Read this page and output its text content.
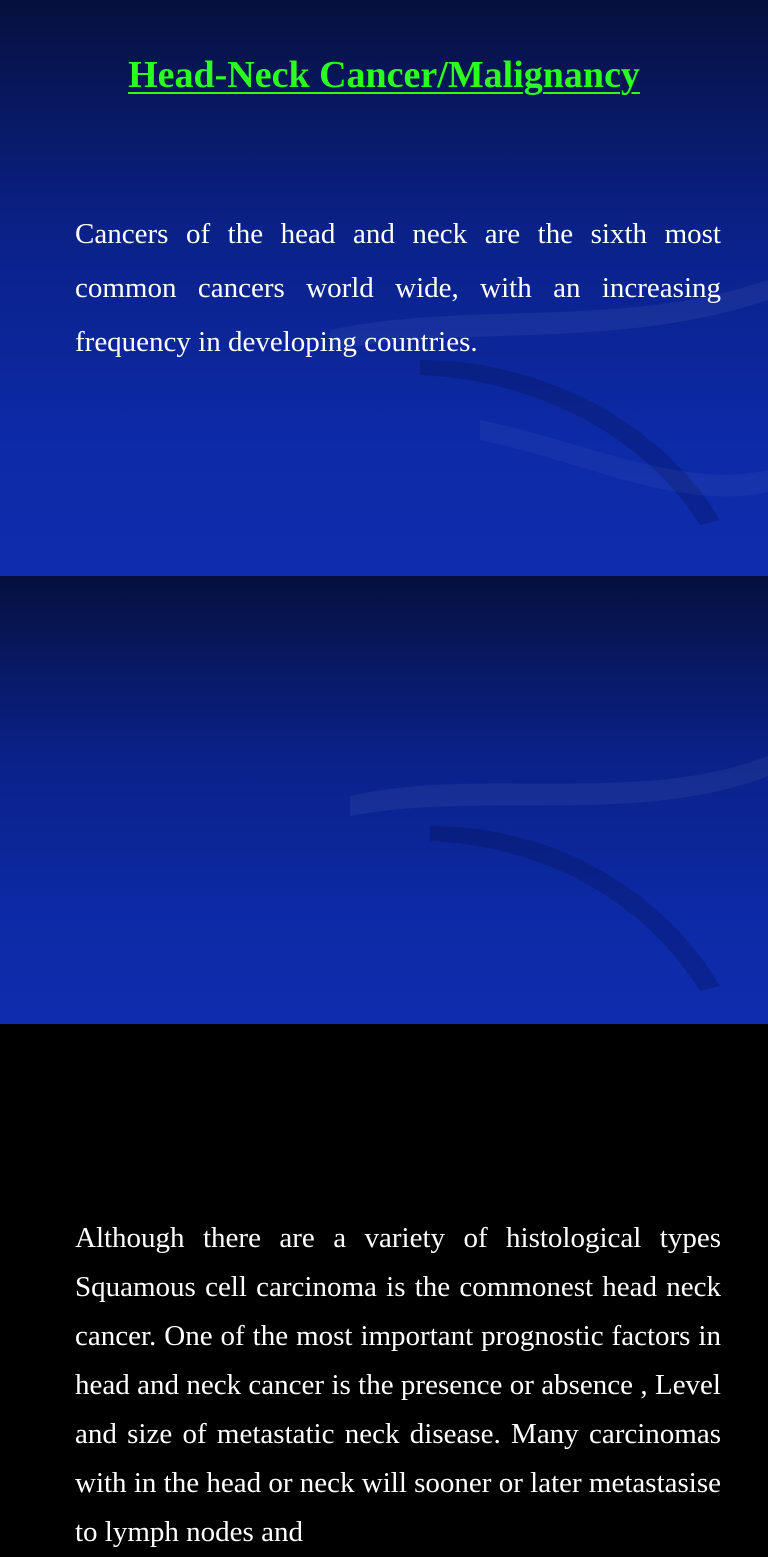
Head-Neck Cancer/Malignancy

Cancers of the head and neck are the sixth most common cancers world wide, with an increasing frequency in developing countries.

Although there are a variety of histological types Squamous cell carcinoma is the commonest head neck cancer. One of the most important prognostic factors in head and neck cancer is the presence or absence , Level and size of metastatic neck disease. Many carcinomas with in the head or neck will sooner or later metastasise to lymph nodes and
